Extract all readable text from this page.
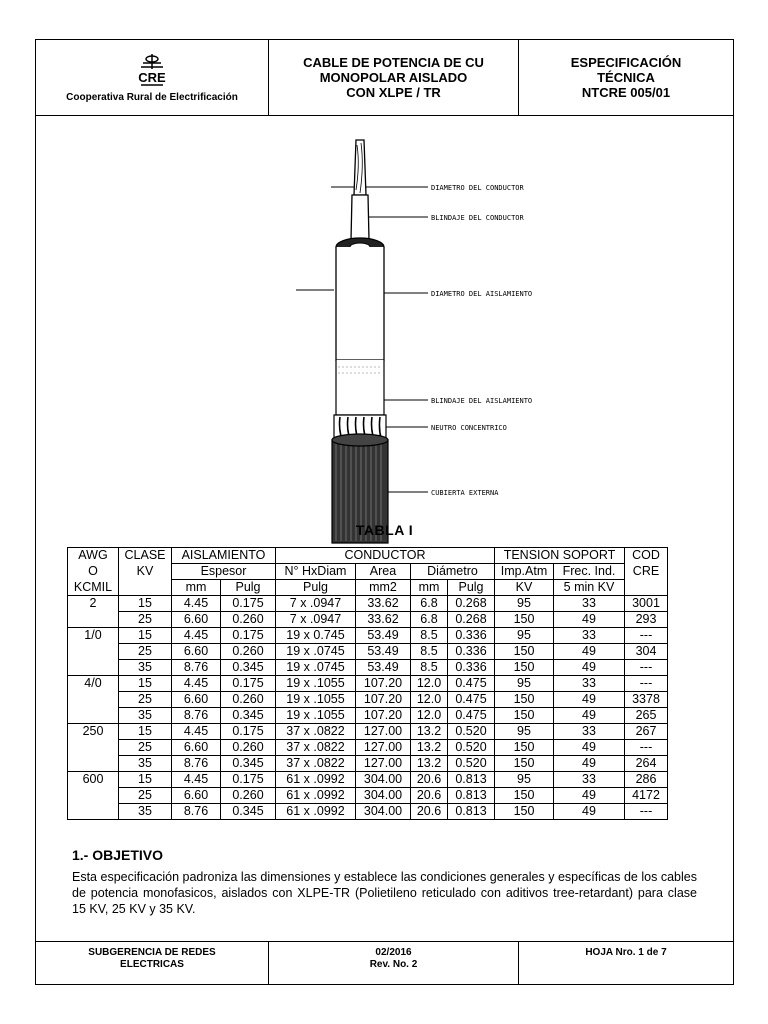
CRE
Cooperativa Rural de Electrificación
CABLE DE POTENCIA DE CU
MONOPOLAR AISLADO
CON XLPE / TR
ESPECIFICACIÓN
TÉCNICA
NTCRE 005/01
DIAMETRO DEL CONDUCTOR
BLINDAJE DEL CONDUCTOR
DIAMETRO DEL AISLAMIENTO
BLINDAJE DEL AISLAMIENTO
NEUTRO CONCENTRICO
CUBIERTA EXTERNA
TABLA I
AWG	CLASE	AISLAMIENTO		CONDUCTOR				TENSION SOPORT		COD
O	KV	Espesor		N° HxDiam	Area	Diámetro		Imp.Atm	Frec. Ind.	CRE
KCMIL		mm	Pulg	Pulg	mm2	mm	Pulg	KV	5 min KV	
2	15	4.45	0.175	7 x .0947	33.62	6.8	0.268	95	33	3001
	25	6.60	0.260	7 x .0947	33.62	6.8	0.268	150	49	293
1/0	15	4.45	0.175	19 x 0.745	53.49	8.5	0.336	95	33	---
	25	6.60	0.260	19 x .0745	53.49	8.5	0.336	150	49	304
	35	8.76	0.345	19 x .0745	53.49	8.5	0.336	150	49	---
4/0	15	4.45	0.175	19 x .1055	107.20	12.0	0.475	95	33	---
	25	6.60	0.260	19 x .1055	107.20	12.0	0.475	150	49	3378
	35	8.76	0.345	19 x .1055	107.20	12.0	0.475	150	49	265
250	15	4.45	0.175	37 x .0822	127.00	13.2	0.520	95	33	267
	25	6.60	0.260	37 x .0822	127.00	13.2	0.520	150	49	---
	35	8.76	0.345	37 x .0822	127.00	13.2	0.520	150	49	264
600	15	4.45	0.175	61 x .0992	304.00	20.6	0.813	95	33	286
	25	6.60	0.260	61 x .0992	304.00	20.6	0.813	150	49	4172
	35	8.76	0.345	61 x .0992	304.00	20.6	0.813	150	49	---
1.- OBJETIVO
Esta especificación padroniza las dimensiones y establece las condiciones generales y específicas de los cables de potencia monofasicos, aislados con XLPE-TR (Polietileno reticulado con aditivos tree-retardant) para clase 15 KV, 25 KV y 35 KV.
SUBGERENCIA DE REDES
ELECTRICAS
02/2016
Rev. No. 2
HOJA Nro. 1 de 7
